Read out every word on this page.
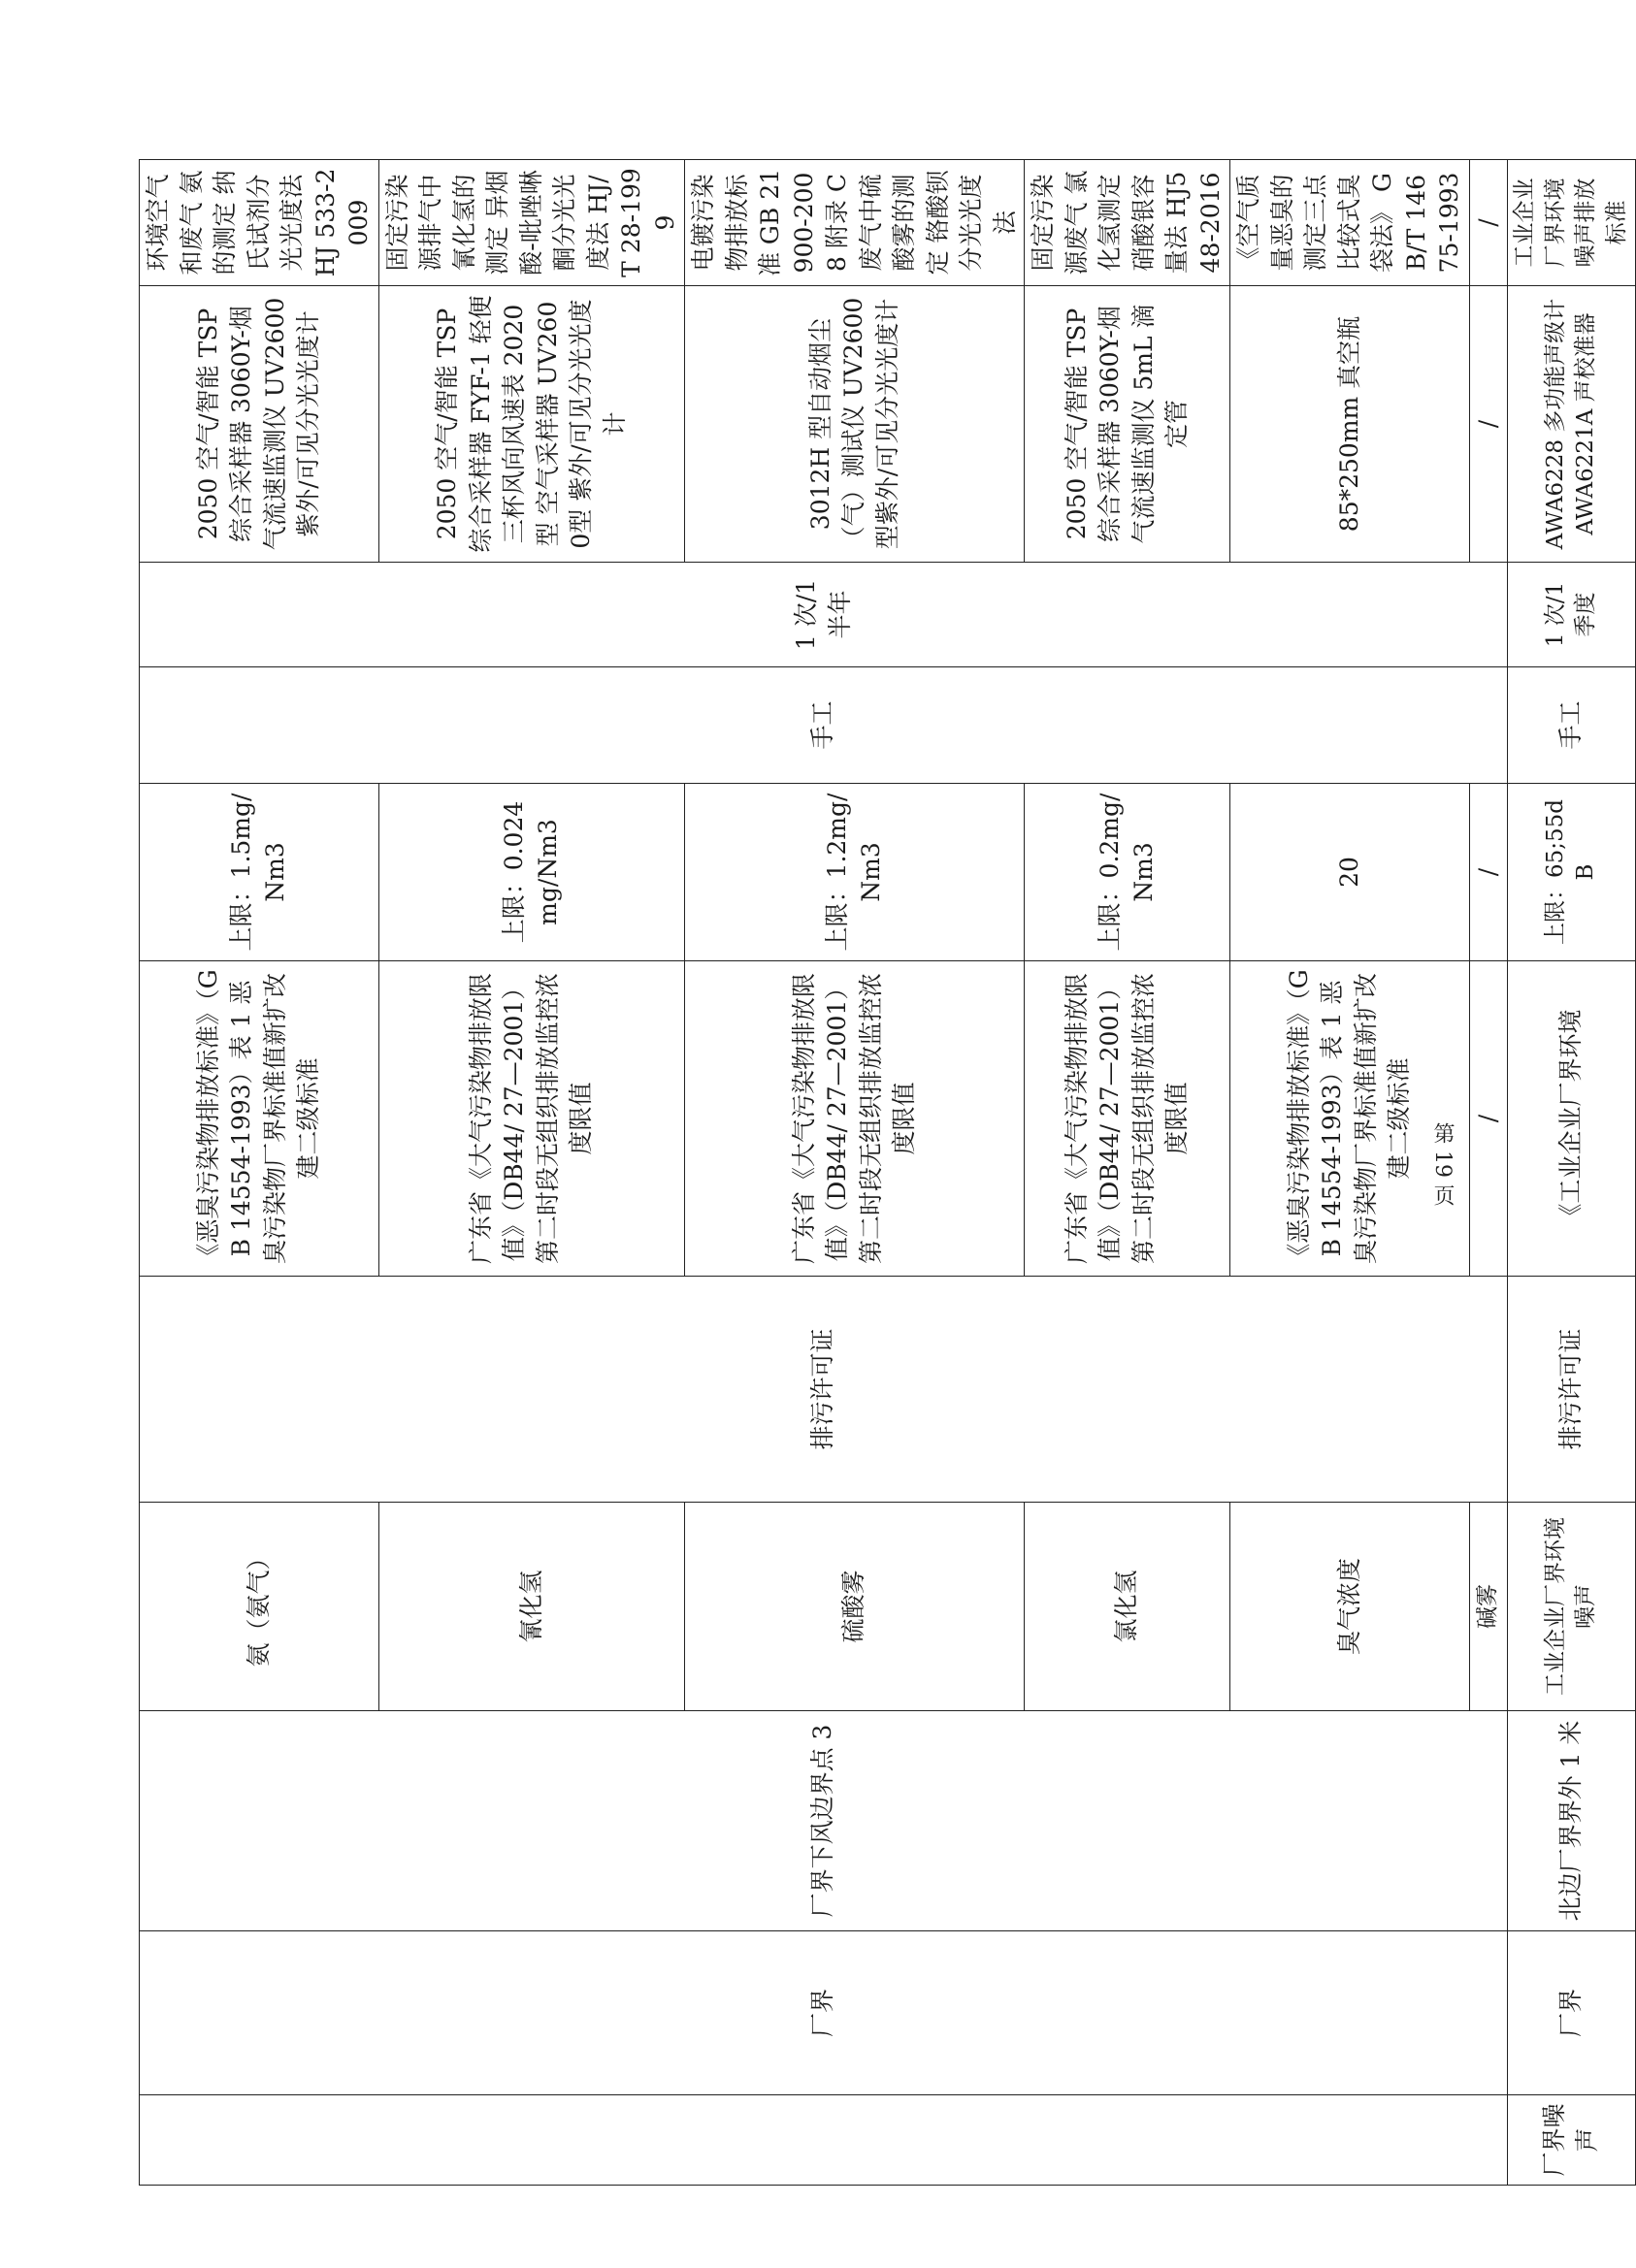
	厂界	厂界下风边界点 3	氨（氨气）	排污许可证	《恶臭污染物排放标准》（GB 14554-1993）表 1 恶臭污染物厂界标准值新扩改建二级标准	上限：1.5mg/Nm3	手工	1 次/1 半年	2050 空气/智能 TSP 综合采样器 3060Y-烟气流速监测仪 UV2600 紫外/可见分光光度计	环境空气和废气 氨的测定 纳氏试剂分光光度法 HJ 533-2009
			氰化氢		广东省《大气污染物排放限值》（DB44/ 27—2001）第二时段无组织排放监控浓度限值	上限：0.024mg/Nm3			2050 空气/智能 TSP 综合采样器 FYF-1 轻便三杯风向风速表 2020 型 空气采样器 UV2600型 紫外/可见分光光度计	固定污染源排气中氰化氢的测定 异烟酸-吡唑啉酮分光光度法 HJ/T 28-1999
			硫酸雾		广东省《大气污染物排放限值》（DB44/ 27—2001）第二时段无组织排放监控浓度限值	上限：1.2mg/Nm3			3012H 型自动烟尘（气）测试仪 UV2600 型紫外/可见分光光度计	电镀污染物排放标准 GB 21900-2008 附录 C 废气中硫酸雾的测定 铬酸钡分光光度法
			氯化氢		广东省《大气污染物排放限值》（DB44/ 27—2001）第二时段无组织排放监控浓度限值	上限：0.2mg/Nm3			2050 空气/智能 TSP 综合采样器 3060Y-烟气流速监测仪 5mL 滴定管	固定污染源废气 氯化氢测定 硝酸银容量法 HJ548-2016
			臭气浓度		《恶臭污染物排放标准》（GB 14554-1993）表 1 恶臭污染物厂界标准值新扩改建二级标准	20			85*250mm 真空瓶	《空气质量恶臭的测定三点比较式臭袋法》 GB/T 14675-1993
			碱雾		/	/			/	/
厂界噪声	厂界	北边厂界界外 1 米	工业企业厂界环境噪声	排污许可证	《工业企业厂界环境	上限：65;55dB	手工	1 次/1 季度	AWA6228 多功能声级计 AWA6221A 声校准器	工业企业厂界环境噪声排放标准
第 19 页
